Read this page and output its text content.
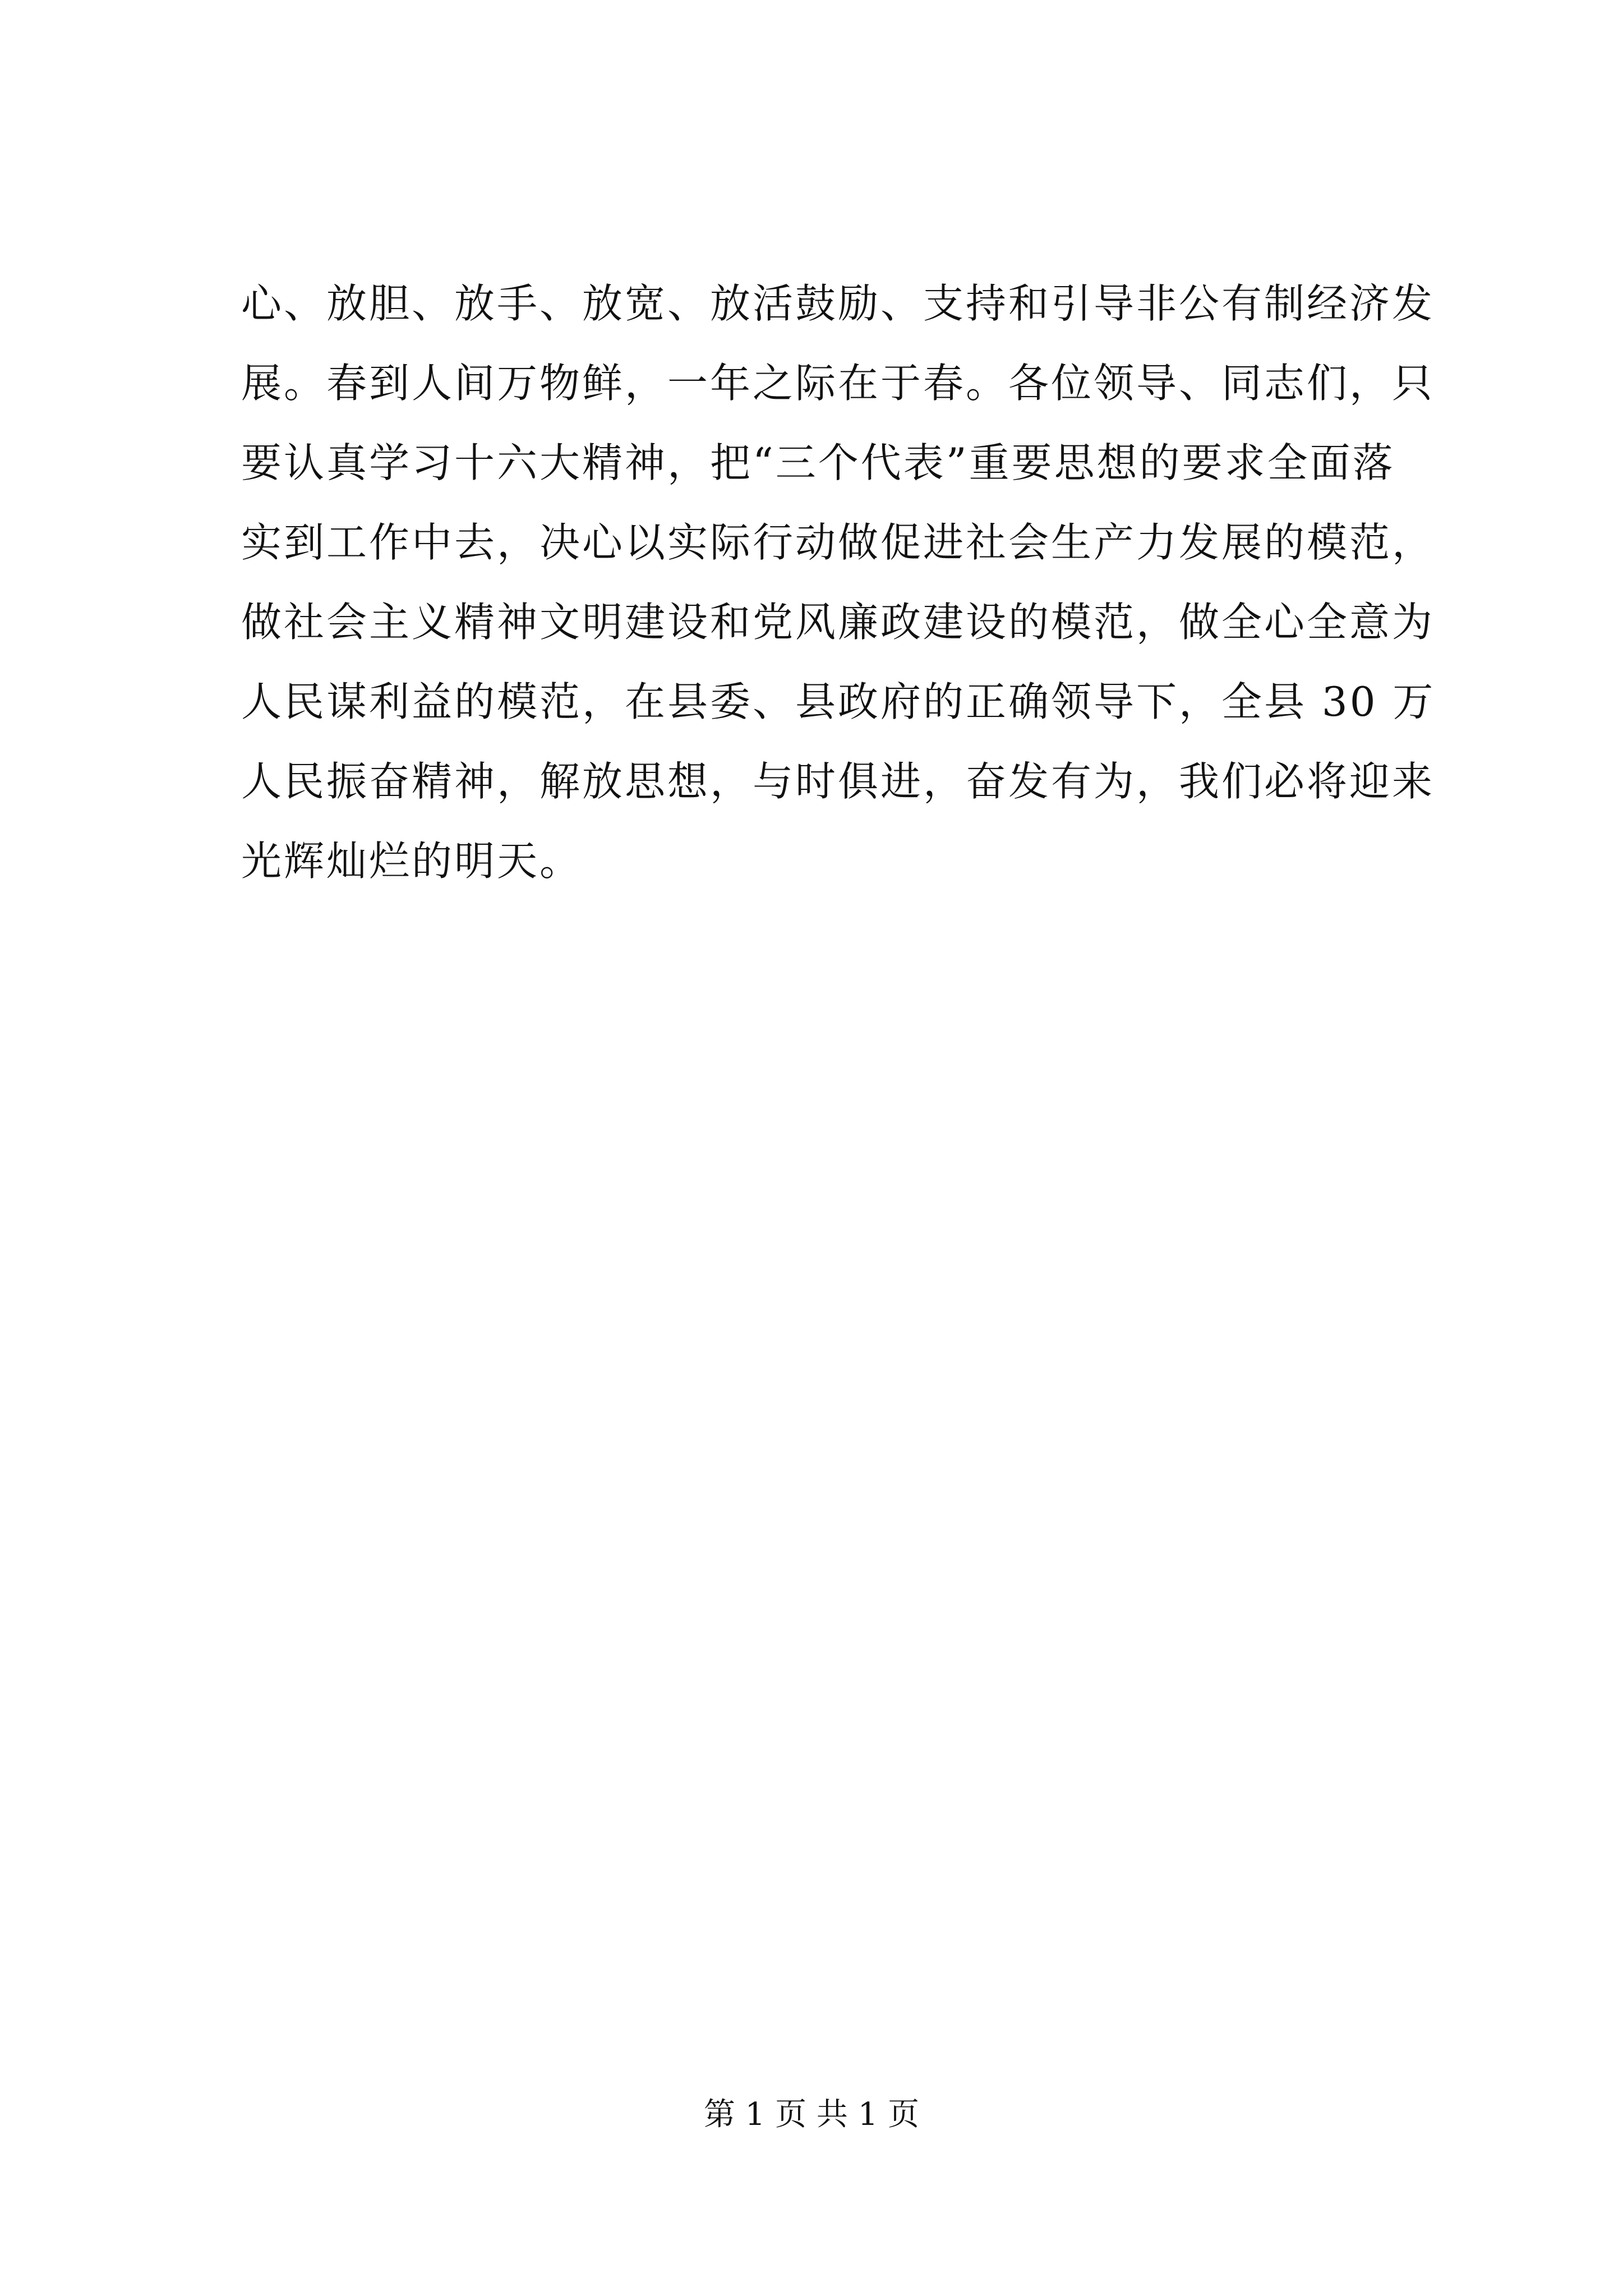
心、放胆、放手、放宽、放活鼓励、支持和引导非公有制经济发
展。春到人间万物鲜，一年之际在于春。各位领导、同志们，只
要认真学习十六大精神，把“三个代表”重要思想的要求全面落
实到工作中去，决心以实际行动做促进社会生产力发展的模范，
做社会主义精神文明建设和党风廉政建设的模范，做全心全意为
人民谋利益的模范，在县委、县政府的正确领导下，全县 30 万
人民振奋精神，解放思想，与时俱进，奋发有为，我们必将迎来
光辉灿烂的明天。
第 1 页 共 1 页
